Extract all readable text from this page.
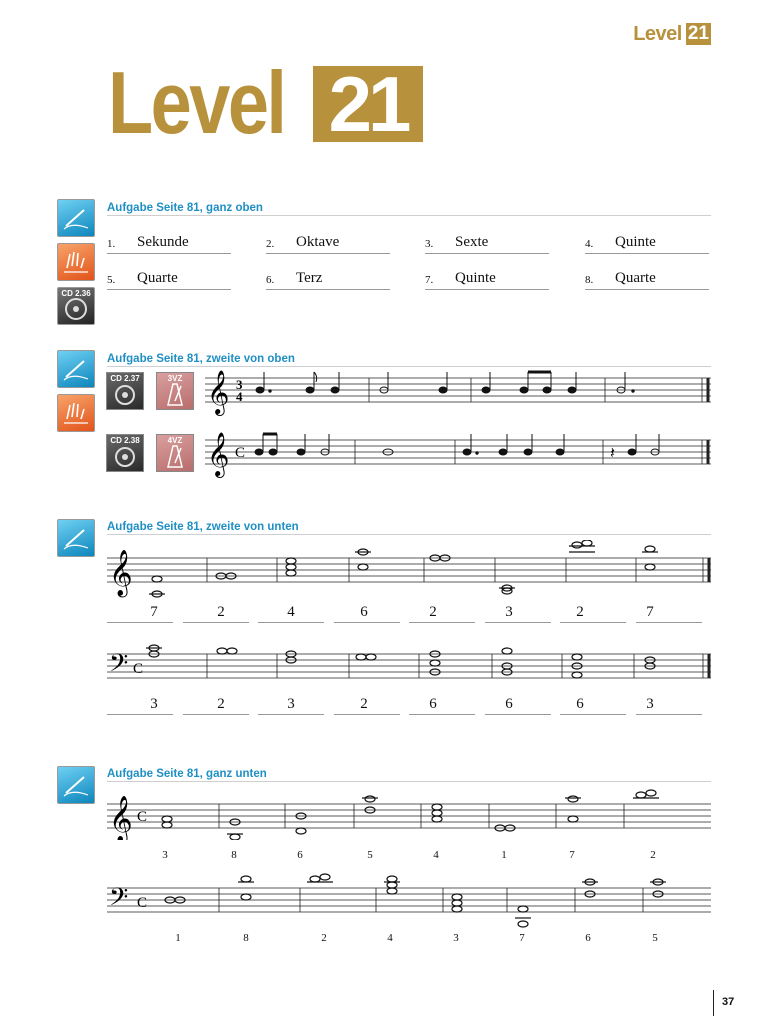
Level 21
Level 21
CD 2.36
Aufgabe Seite 81, ganz oben
1.	Sekunde	2.	Oktave	3.	Sexte	4.	Quinte
5.	Quarte	6.	Terz	7.	Quinte	8.	Quarte
Aufgabe Seite 81, zweite von oben
CD 2.37	3VZ
CD 2.38	4VZ
𝄞 3
4
𝄞 C	𝄽
Aufgabe Seite 81, zweite von unten
𝄞
7	2	4	6	2	3	2	7
𝄢 C
3	2	3	2	6	6	6	3
Aufgabe Seite 81, ganz unten
𝄞 C
3	8	6	5	4	1	7	2
𝄢 C
1	8	2	4	3	7	6	5
37
